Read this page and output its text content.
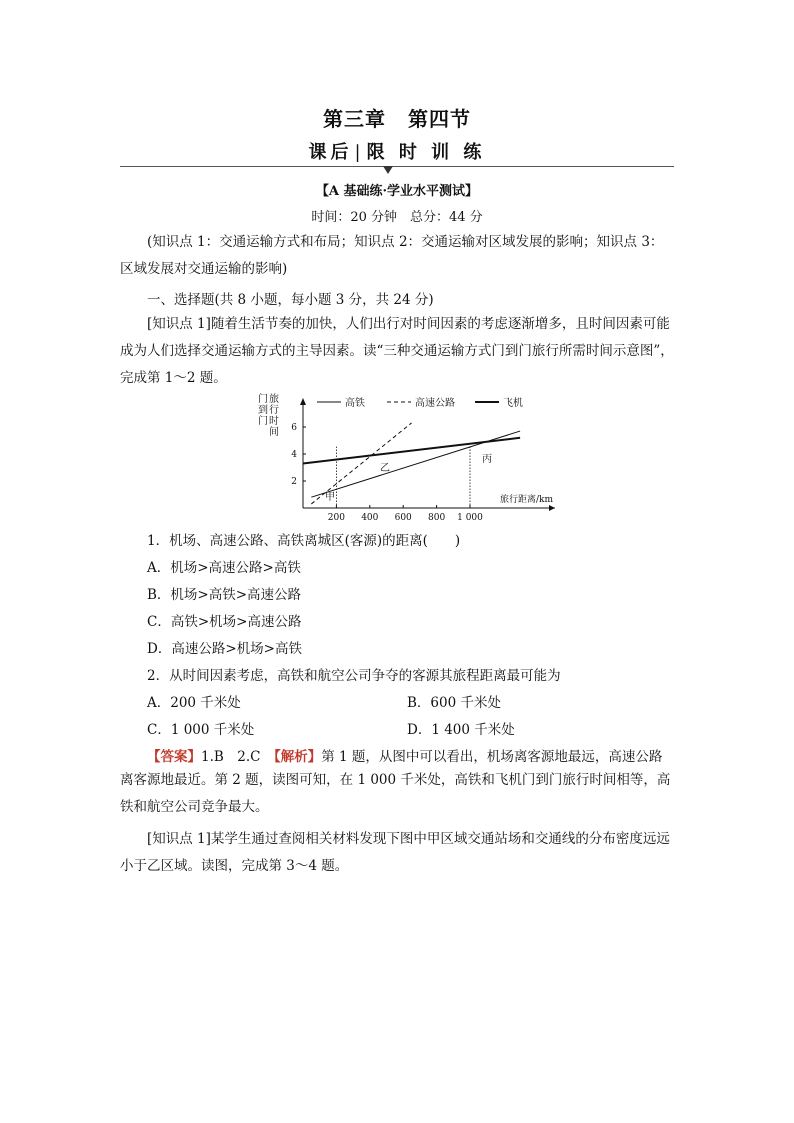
第三章 第四节
课后 | 限 时 训 练
【A 基础练·学业水平测试】
时间：20 分钟　总分：44 分
(知识点 1：交通运输方式和布局；知识点 2：交通运输对区域发展的影响；知识点 3：区域发展对交通运输的影响)
一、选择题(共 8 小题，每小题 3 分，共 24 分)
[知识点 1]随着生活节奏的加快，人们出行对时间因素的考虑逐渐增多，且时间因素可能成为人们选择交通运输方式的主导因素。读“三种交通运输方式门到门旅行所需时间示意图”，完成第 1～2 题。
门
到
门
旅
行
时
间
200 400 600 800 1 000
2
4
6
旅行距离/km
甲
乙
丙
高铁	高速公路	飞机
1．机场、高速公路、高铁离城区(客源)的距离(　　)
A．机场>高速公路>高铁
B．机场>高铁>高速公路
C．高铁>机场>高速公路
D．高速公路>机场>高铁
2．从时间因素考虑，高铁和航空公司争夺的客源其旅程距离最可能为
A．200 千米处	B．600 千米处
C．1 000 千米处	D．1 400 千米处
【答案】1.B　2.C　 【解析】第 1 题，从图中可以看出，机场离客源地最远，高速公路
离客源地最近。第 2 题，读图可知，在 1 000 千米处，高铁和飞机门到门旅行时间相等，高铁和航空公司竞争最大。
[知识点 1]某学生通过查阅相关材料发现下图中甲区域交通站场和交通线的分布密度远远小于乙区域。读图，完成第 3～4 题。
